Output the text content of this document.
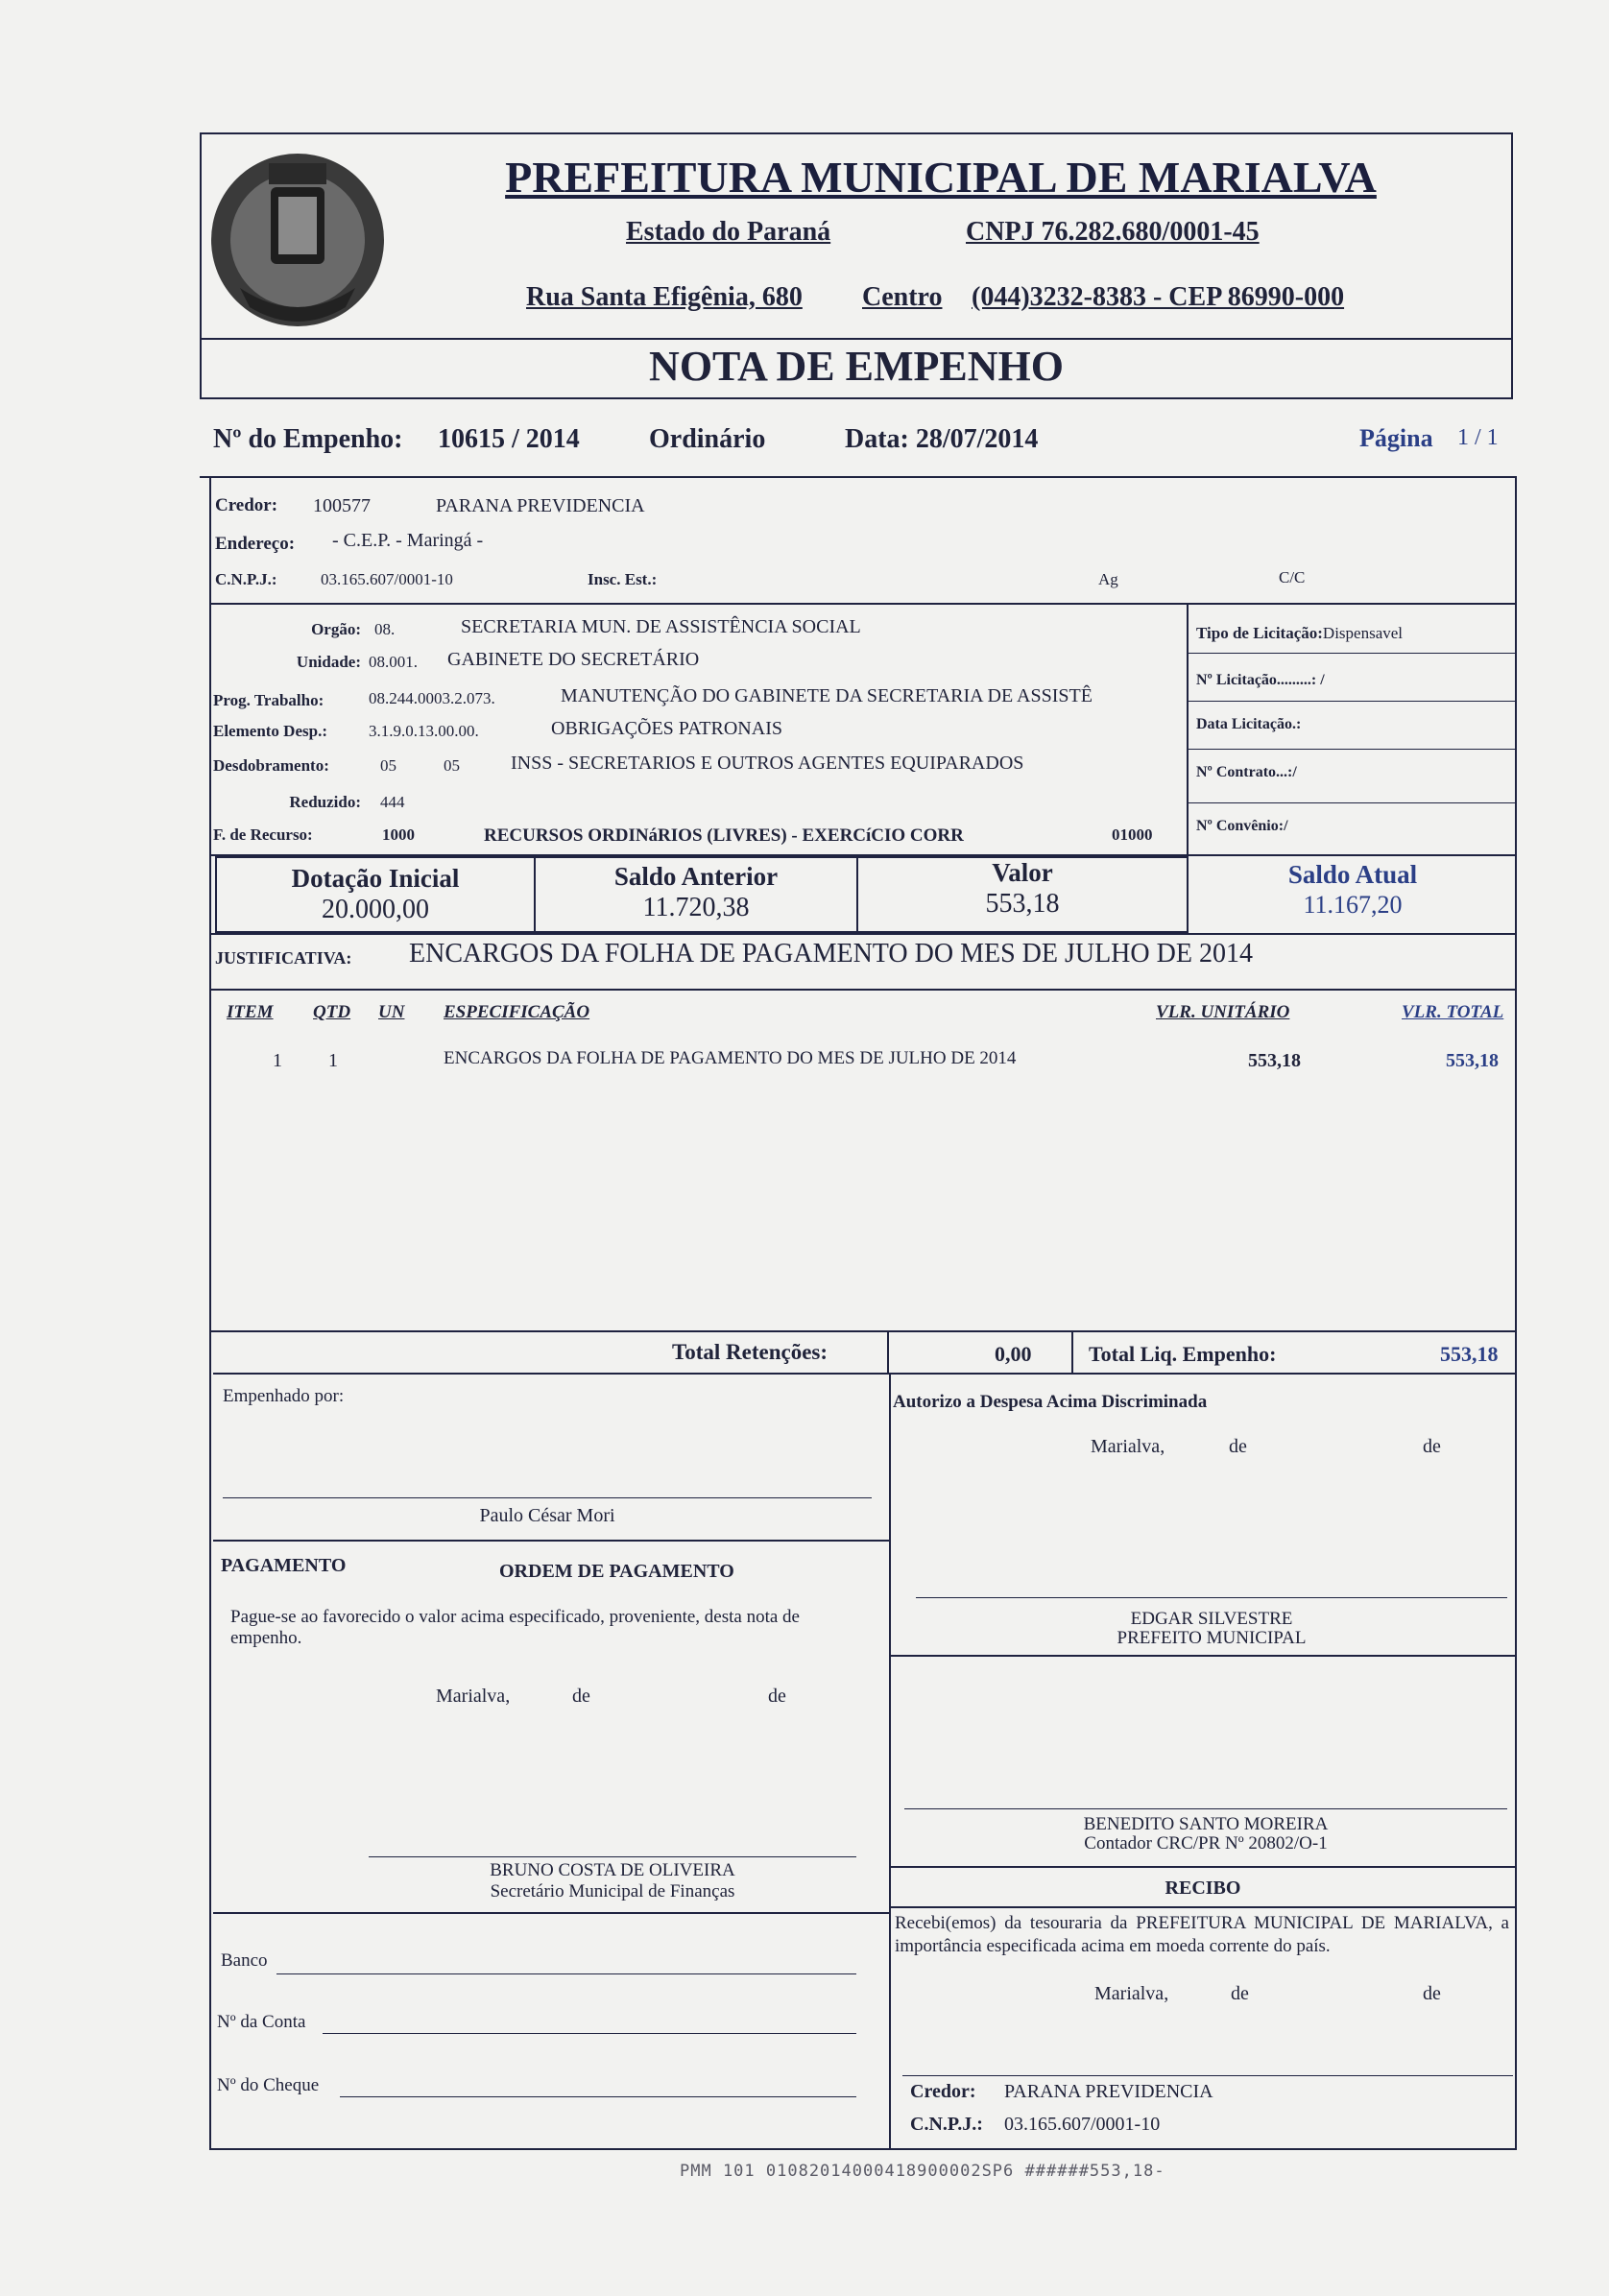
PREFEITURA MUNICIPAL DE MARIALVA
Estado do Paraná	CNPJ 76.282.680/0001-45
Rua Santa Efigênia, 680 Centro (044)3232-8383 - CEP 86990-000
NOTA DE EMPENHO
Nº do Empenho: 10615 / 2014	Ordinário	Data: 28/07/2014	Página 1 / 1
Credor: 100577	PARANA PREVIDENCIA
Endereço: - C.E.P. - Maringá -
C.N.P.J.:	03.165.607/0001-10	Insc. Est.:	Ag	C/C
Orgão: 08.	SECRETARIA MUN. DE ASSISTÊNCIA SOCIAL
Unidade: 08.001. GABINETE DO SECRETÁRIO
Prog. Trabalho:	08.244.0003.2.073.	MANUTENÇÃO DO GABINETE DA SECRETARIA DE ASSISTÊ
Elemento Desp.:	3.1.9.0.13.00.00.	OBRIGAÇÕES PATRONAIS
Desdobramento:	05	05	INSS - SECRETARIOS E OUTROS AGENTES EQUIPARADOS
Reduzido: 444
F. de Recurso:	1000	RECURSOS ORDINáRIOS (LIVRES) - EXERCíCIO CORR	01000
Tipo de Licitação:Dispensavel
Nº Licitação.........: /
Data Licitação.:
Nº Contrato...:/
Nº Convênio:/
Dotação Inicial
20.000,00
Saldo Anterior
11.720,38
Valor
553,18
Saldo Atual
11.167,20
JUSTIFICATIVA: ENCARGOS DA FOLHA DE PAGAMENTO DO MES DE JULHO DE 2014
ITEM QTD UN ESPECIFICAÇÃO	VLR. UNITÁRIO	VLR. TOTAL
1 1	ENCARGOS DA FOLHA DE PAGAMENTO DO MES DE JULHO DE 2014	553,18	553,18
Total Retenções:	0,00	Total Liq. Empenho:	553,18
Empenhado por:
Paulo César Mori
Autorizo a Despesa Acima Discriminada
Marialva,	de	de
PAGAMENTO	ORDEM DE PAGAMENTO
Pague-se ao favorecido o valor acima especificado, proveniente, desta nota de empenho.
Marialva,	de	de
EDGAR SILVESTRE
PREFEITO MUNICIPAL
BENEDITO SANTO MOREIRA
Contador CRC/PR Nº 20802/O-1
BRUNO COSTA DE OLIVEIRA
Secretário Municipal de Finanças	RECIBO
Recebi(emos) da tesouraria da PREFEITURA MUNICIPAL DE MARIALVA, a importância especificada acima em moeda corrente do país.
Marialva,	de	de
Banco
Nº da Conta
Nº do Cheque	Credor: PARANA PREVIDENCIA
C.N.P.J.: 03.165.607/0001-10
PMM 101 01082014000418900002SP6 ######553,18-
